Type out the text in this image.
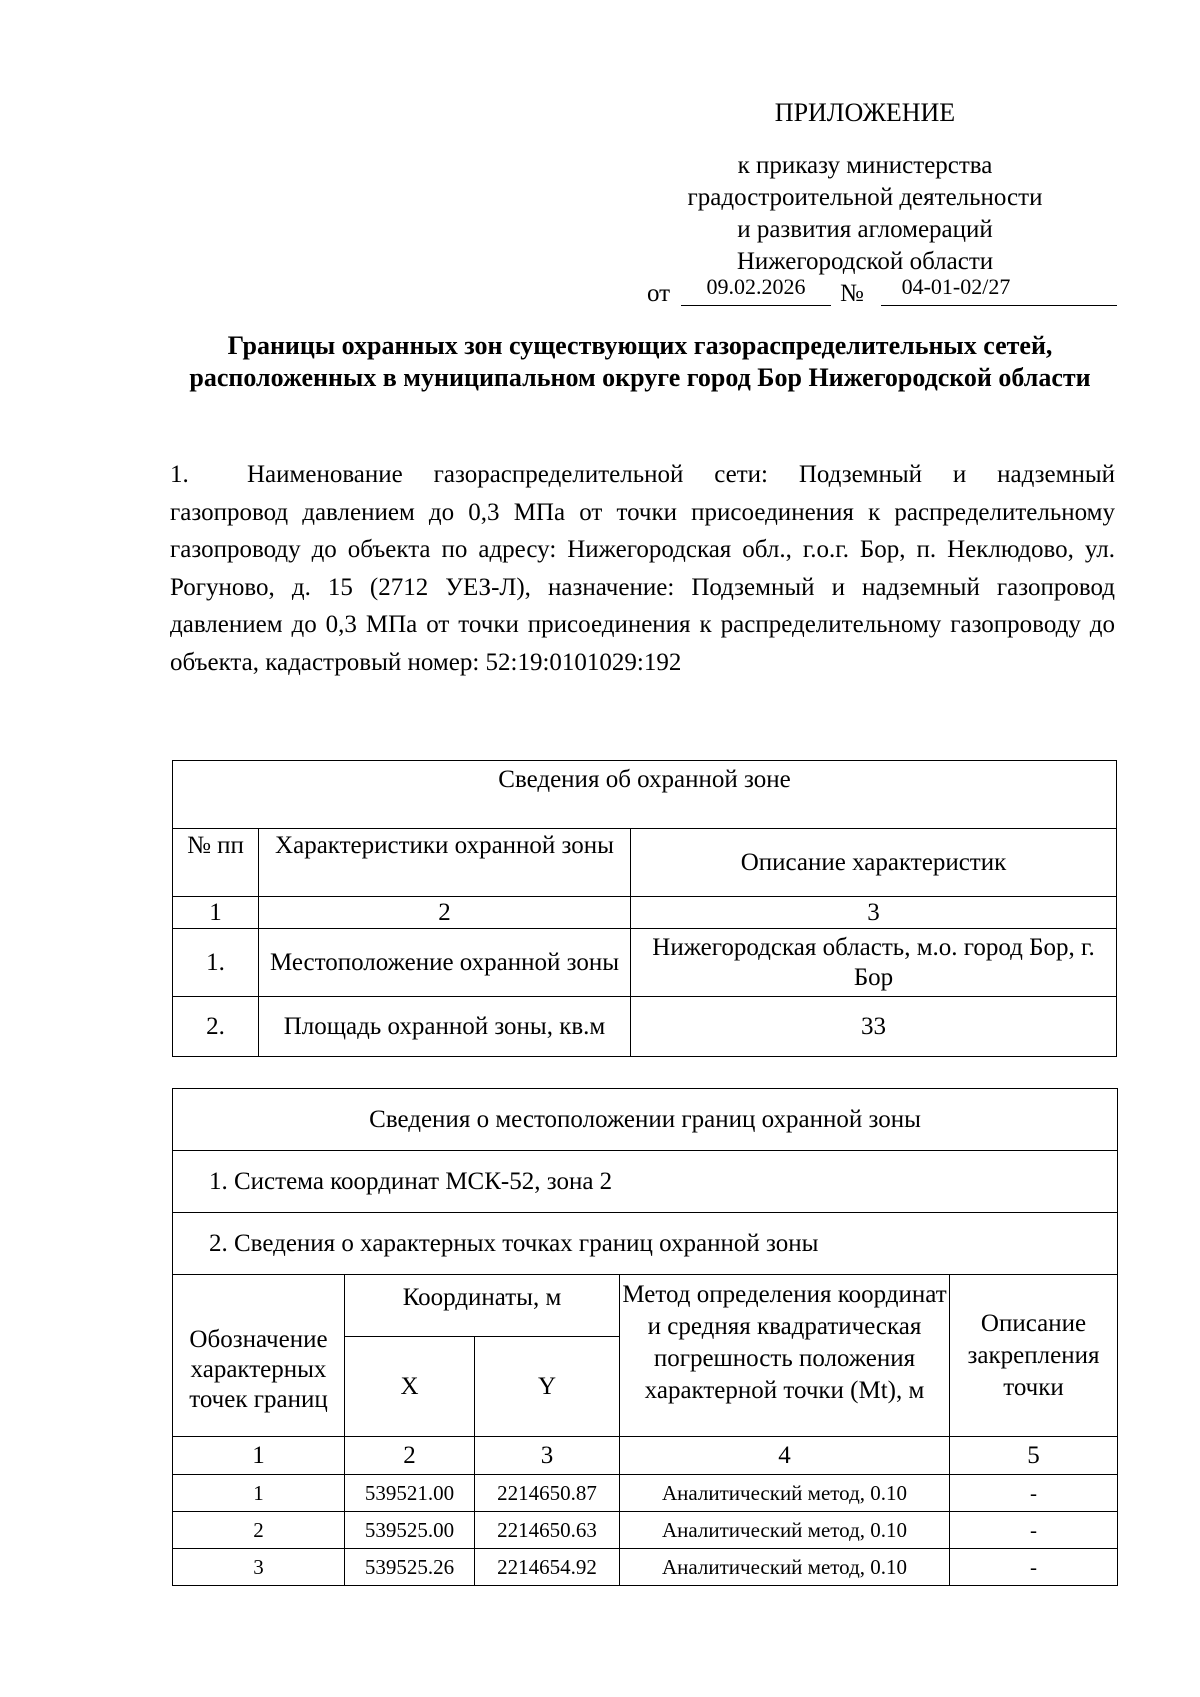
ПРИЛОЖЕНИЕ
к приказу министерства
градостроительной деятельности
и развития агломераций
Нижегородской области
от	09.02.2026	№	04-01-02/27
Границы охранных зон существующих газораспределительных сетей, расположенных в муниципальном округе город Бор Нижегородской области
1. Наименование газораспределительной сети: Подземный и надземный газопровод давлением до 0,3 МПа от точки присоединения к распределительному газопроводу до объекта по адресу: Нижегородская обл., г.о.г. Бор, п. Неклюдово, ул. Рогуново, д. 15 (2712 УЕЗ-Л), назначение: Подземный и надземный газопровод давлением до 0,3 МПа от точки присоединения к распределительному газопроводу до объекта, кадастровый номер: 52:19:0101029:192
Сведения об охранной зоне		
№ пп	Характеристики охранной зоны	Описание характеристик
1	2	3
1.	Местоположение охранной зоны	Нижегородская область, м.о. город Бор, г. Бор
2.	Площадь охранной зоны, кв.м	33
Сведения о местоположении границ охранной зоны				
1. Система координат МСК-52, зона 2				
2. Сведения о характерных точках границ охранной зоны				
Обозначение характерных точек границ	Координаты, м		Метод определения координат и средняя квадратическая погрешность положения характерной точки (Mt), м	Описание закрепления точки
	X	Y		
1	2	3	4	5
1	539521.00	2214650.87	Аналитический метод, 0.10	-
2	539525.00	2214650.63	Аналитический метод, 0.10	-
3	539525.26	2214654.92	Аналитический метод, 0.10	-
